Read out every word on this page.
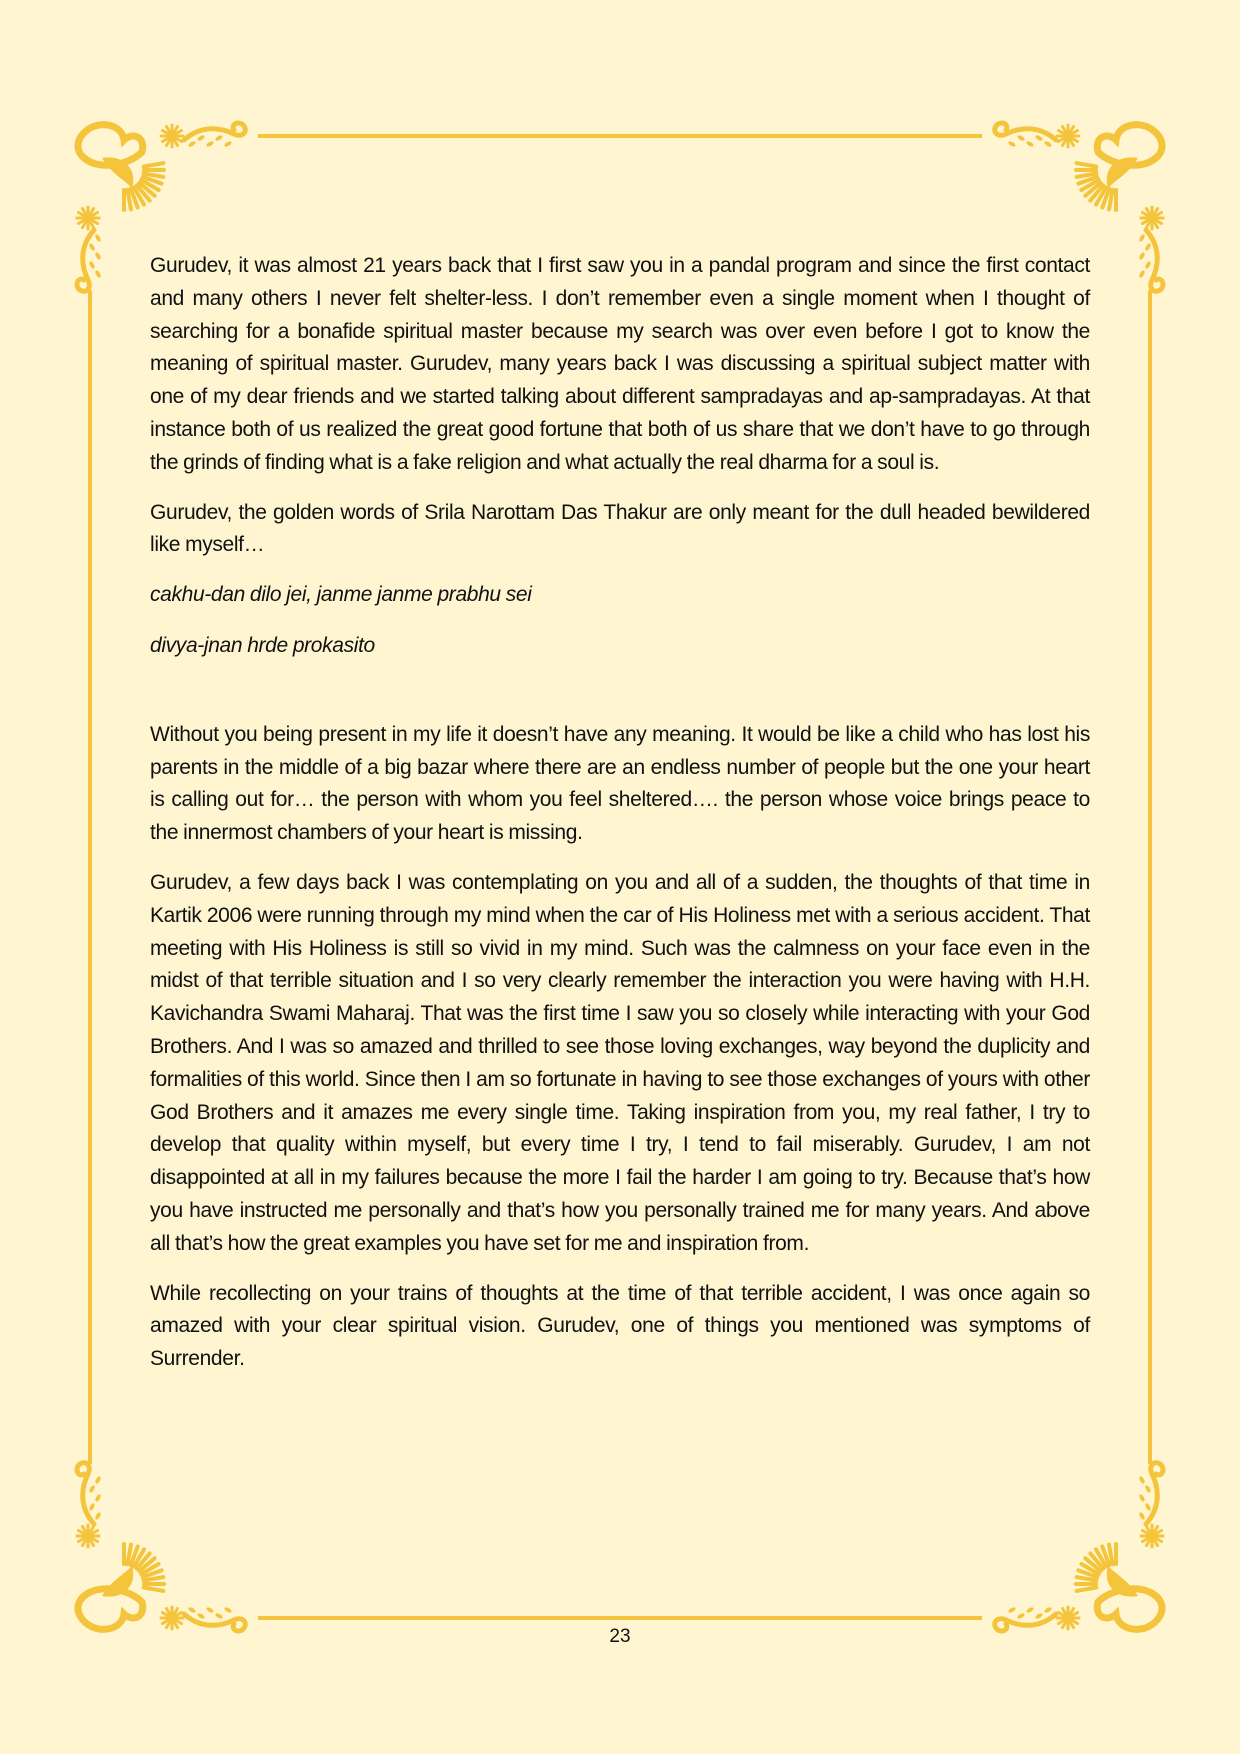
Gurudev, it was almost 21 years back that I first saw you in a pandal program and since the first contact and many others I never felt shelter-less. I don’t remember even a single moment when I thought of searching for a bonafide spiritual master because my search was over even before I got to know the meaning of spiritual master. Gurudev, many years back I was discussing a spiritual subject matter with one of my dear friends and we started talking about different sampradayas and ap-sampradayas. At that instance both of us realized the great good fortune that both of us share that we don’t have to go through the grinds of finding what is a fake religion and what actually the real dharma for a soul is.

Gurudev, the golden words of Srila Narottam Das Thakur are only meant for the dull headed bewildered like myself…

cakhu-dan dilo jei, janme janme prabhu sei

divya-jnan hrde prokasito

Without you being present in my life it doesn’t have any meaning. It would be like a child who has lost his parents in the middle of a big bazar where there are an endless number of people but the one your heart is calling out for… the person with whom you feel sheltered…. the person whose voice brings peace to the innermost chambers of your heart is missing.

Gurudev, a few days back I was contemplating on you and all of a sudden, the thoughts of that time in Kartik 2006 were running through my mind when the car of His Holiness met with a serious accident. That meeting with His Holiness is still so vivid in my mind. Such was the calmness on your face even in the midst of that terrible situation and I so very clearly remember the interaction you were having with H.H. Kavichandra Swami Maharaj. That was the first time I saw you so closely while interacting with your God Brothers. And I was so amazed and thrilled to see those loving exchanges, way beyond the duplicity and formalities of this world. Since then I am so fortunate in having to see those exchanges of yours with other God Brothers and it amazes me every single time. Taking inspiration from you, my real father, I try to develop that quality within myself, but every time I try, I tend to fail miserably. Gurudev, I am not disappointed at all in my failures because the more I fail the harder I am going to try. Because that’s how you have instructed me personally and that’s how you personally trained me for many years. And above all that’s how the great examples you have set for me and inspiration from.

While recollecting on your trains of thoughts at the time of that terrible accident, I was once again so amazed with your clear spiritual vision. Gurudev, one of things you mentioned was symptoms of Surrender.

23
